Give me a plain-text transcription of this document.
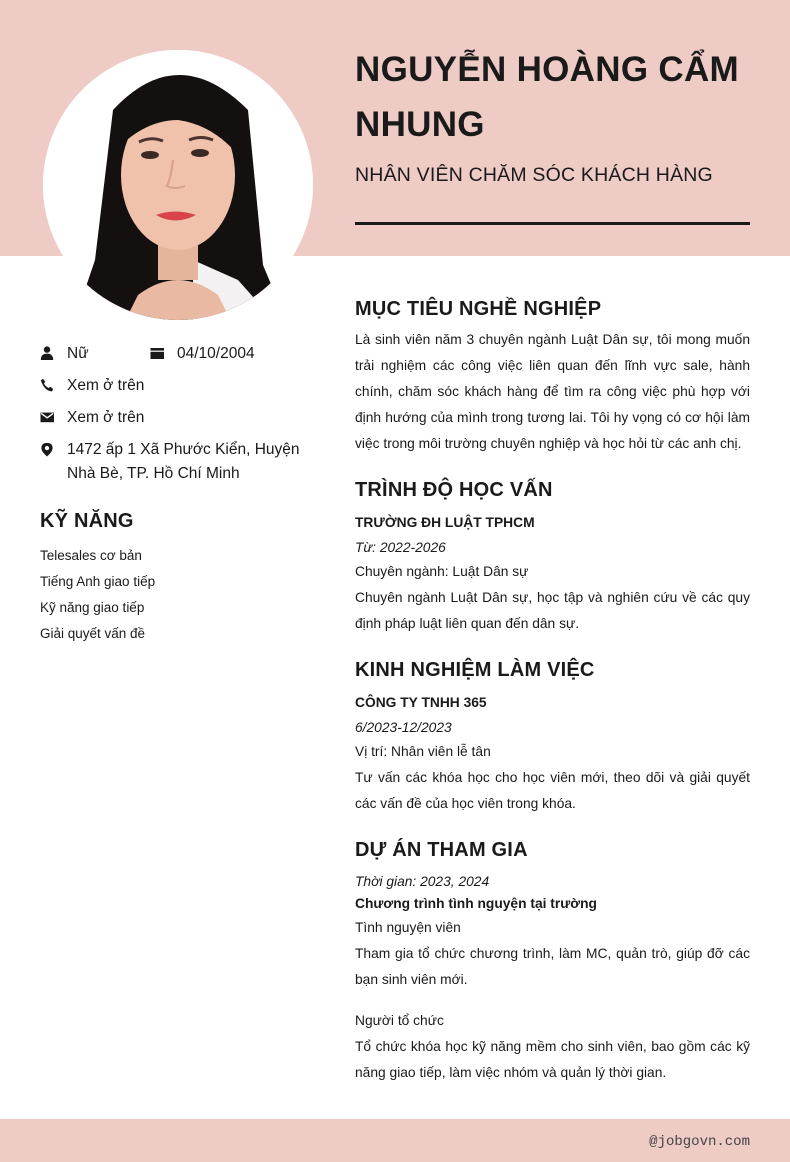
NGUYỄN HOÀNG CẨM NHUNG
NHÂN VIÊN CHĂM SÓC KHÁCH HÀNG
Nữ	04/10/2004
Xem ở trên
Xem ở trên
1472 ấp 1 Xã Phước Kiển, Huyện Nhà Bè, TP. Hồ Chí Minh
KỸ NĂNG
Telesales cơ bản
Tiếng Anh giao tiếp
Kỹ năng giao tiếp
Giải quyết vấn đề
MỤC TIÊU NGHỀ NGHIỆP

Là sinh viên năm 3 chuyên ngành Luật Dân sự, tôi mong muốn trải nghiệm các công việc liên quan đến lĩnh vực sale, hành chính, chăm sóc khách hàng để tìm ra công việc phù hợp với định hướng của mình trong tương lai. Tôi hy vọng có cơ hội làm việc trong môi trường chuyên nghiệp và học hỏi từ các anh chị.

TRÌNH ĐỘ HỌC VẤN
TRƯỜNG ĐH LUẬT TPHCM
Từ: 2022-2026
Chuyên ngành: Luật Dân sự

Chuyên ngành Luật Dân sự, học tập và nghiên cứu về các quy định pháp luật liên quan đến dân sự.

KINH NGHIỆM LÀM VIỆC
CÔNG TY TNHH 365
6/2023-12/2023
Vị trí: Nhân viên lễ tân

Tư vấn các khóa học cho học viên mới, theo dõi và giải quyết các vấn đề của học viên trong khóa.

DỰ ÁN THAM GIA
Thời gian: 2023, 2024
Chương trình tình nguyện tại trường
Tình nguyện viên

Tham gia tổ chức chương trình, làm MC, quản trò, giúp đỡ các bạn sinh viên mới.

Người tổ chức

Tổ chức khóa học kỹ năng mềm cho sinh viên, bao gồm các kỹ năng giao tiếp, làm việc nhóm và quản lý thời gian.

@jobgovn.com
